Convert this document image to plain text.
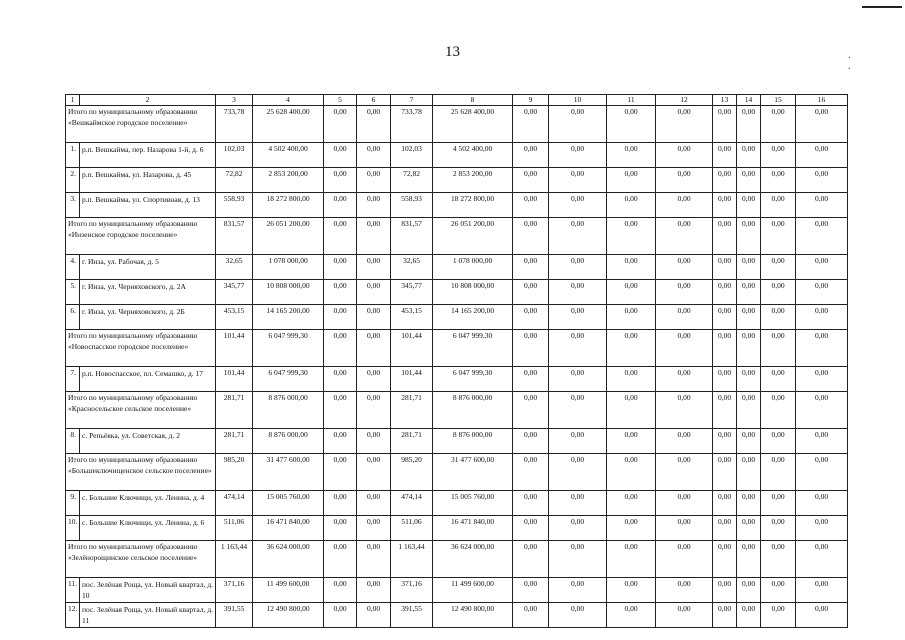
13	. .
1	2	3	4	5	6	7	8	9	10	11	12	13	14	15	16
Итого по муниципальному образованию «Вешкаймское городское поселение»		733,78	25 628 400,00	0,00	0,00	733,78	25 628 400,00	0,00	0,00	0,00	0,00	0,00	0,00	0,00	0,00
1.	р.п. Вешкайма, пер. Назарова 1-й, д. 6	102,03	4 502 400,00	0,00	0,00	102,03	4 502 400,00	0,00	0,00	0,00	0,00	0,00	0,00	0,00	0,00
2.	р.п. Вешкайма, ул. Назарова, д. 45	72,82	2 853 200,00	0,00	0,00	72,82	2 853 200,00	0,00	0,00	0,00	0,00	0,00	0,00	0,00	0,00
3.	р.п. Вешкайма, ул. Спортивная, д. 13	558,93	18 272 800,00	0,00	0,00	558,93	18 272 800,00	0,00	0,00	0,00	0,00	0,00	0,00	0,00	0,00
Итого по муниципальному образованию «Инзенское городское поселение»		831,57	26 051 200,00	0,00	0,00	831,57	26 051 200,00	0,00	0,00	0,00	0,00	0,00	0,00	0,00	0,00
4.	г. Инза, ул. Рабочая, д. 5	32,65	1 078 000,00	0,00	0,00	32,65	1 078 000,00	0,00	0,00	0,00	0,00	0,00	0,00	0,00	0,00
5.	г. Инза, ул. Черняховского, д. 2А	345,77	10 808 000,00	0,00	0,00	345,77	10 808 000,00	0,00	0,00	0,00	0,00	0,00	0,00	0,00	0,00
6.	г. Инза, ул. Черняховского, д. 2Б	453,15	14 165 200,00	0,00	0,00	453,15	14 165 200,00	0,00	0,00	0,00	0,00	0,00	0,00	0,00	0,00
Итого по муниципальному образованию «Новоспасское городское поселение»		101,44	6 047 999,30	0,00	0,00	101,44	6 047 999,30	0,00	0,00	0,00	0,00	0,00	0,00	0,00	0,00
7.	р.п. Новоспасское, пл. Семашко, д. 17	101,44	6 047 999,30	0,00	0,00	101,44	6 047 999,30	0,00	0,00	0,00	0,00	0,00	0,00	0,00	0,00
Итого по муниципальному образованию «Красносельское сельское поселение»		281,71	8 876 000,00	0,00	0,00	281,71	8 876 000,00	0,00	0,00	0,00	0,00	0,00	0,00	0,00	0,00
8.	с. Репьёвка, ул. Советская, д. 2	281,71	8 876 000,00	0,00	0,00	281,71	8 876 000,00	0,00	0,00	0,00	0,00	0,00	0,00	0,00	0,00
Итого по муниципальному образованию «Большеключищенское сельское поселение»		985,20	31 477 600,00	0,00	0,00	985,20	31 477 600,00	0,00	0,00	0,00	0,00	0,00	0,00	0,00	0,00
9.	с. Большие Ключищи, ул. Ленина, д. 4	474,14	15 005 760,00	0,00	0,00	474,14	15 005 760,00	0,00	0,00	0,00	0,00	0,00	0,00	0,00	0,00
10.	с. Большие Ключищи, ул. Ленина, д. 6	511,06	16 471 840,00	0,00	0,00	511,06	16 471 840,00	0,00	0,00	0,00	0,00	0,00	0,00	0,00	0,00
Итого по муниципальному образованию «Зелёнорощинское сельское поселение»		1 163,44	36 624 000,00	0,00	0,00	1 163,44	36 624 000,00	0,00	0,00	0,00	0,00	0,00	0,00	0,00	0,00
11.	пос. Зелёная Роща, ул. Новый квартал, д. 10	371,16	11 499 600,00	0,00	0,00	371,16	11 499 600,00	0,00	0,00	0,00	0,00	0,00	0,00	0,00	0,00
12.	пос. Зелёная Роща, ул. Новый квартал, д. 11	391,55	12 490 800,00	0,00	0,00	391,55	12 490 800,00	0,00	0,00	0,00	0,00	0,00	0,00	0,00	0,00
